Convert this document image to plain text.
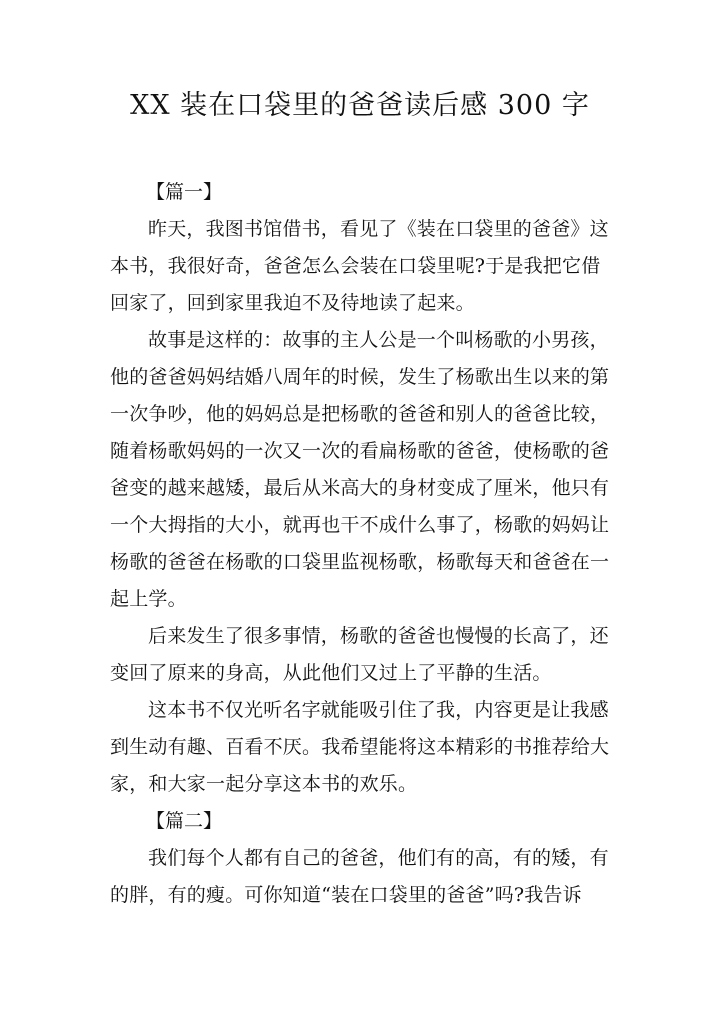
XX 装在口袋里的爸爸读后感 300 字

【篇一】

昨天，我图书馆借书，看见了《装在口袋里的爸爸》这
本书，我很好奇，爸爸怎么会装在口袋里呢?于是我把它借
回家了，回到家里我迫不及待地读了起来。

故事是这样的：故事的主人公是一个叫杨歌的小男孩，
他的爸爸妈妈结婚八周年的时候，发生了杨歌出生以来的第
一次争吵，他的妈妈总是把杨歌的爸爸和别人的爸爸比较，
随着杨歌妈妈的一次又一次的看扁杨歌的爸爸，使杨歌的爸
爸变的越来越矮，最后从米高大的身材变成了厘米，他只有
一个大拇指的大小，就再也干不成什么事了，杨歌的妈妈让
杨歌的爸爸在杨歌的口袋里监视杨歌，杨歌每天和爸爸在一
起上学。

后来发生了很多事情，杨歌的爸爸也慢慢的长高了，还
变回了原来的身高，从此他们又过上了平静的生活。

这本书不仅光听名字就能吸引住了我，内容更是让我感
到生动有趣、百看不厌。我希望能将这本精彩的书推荐给大
家，和大家一起分享这本书的欢乐。

【篇二】

我们每个人都有自己的爸爸，他们有的高，有的矮，有
的胖，有的瘦。可你知道“装在口袋里的爸爸”吗?我告诉
